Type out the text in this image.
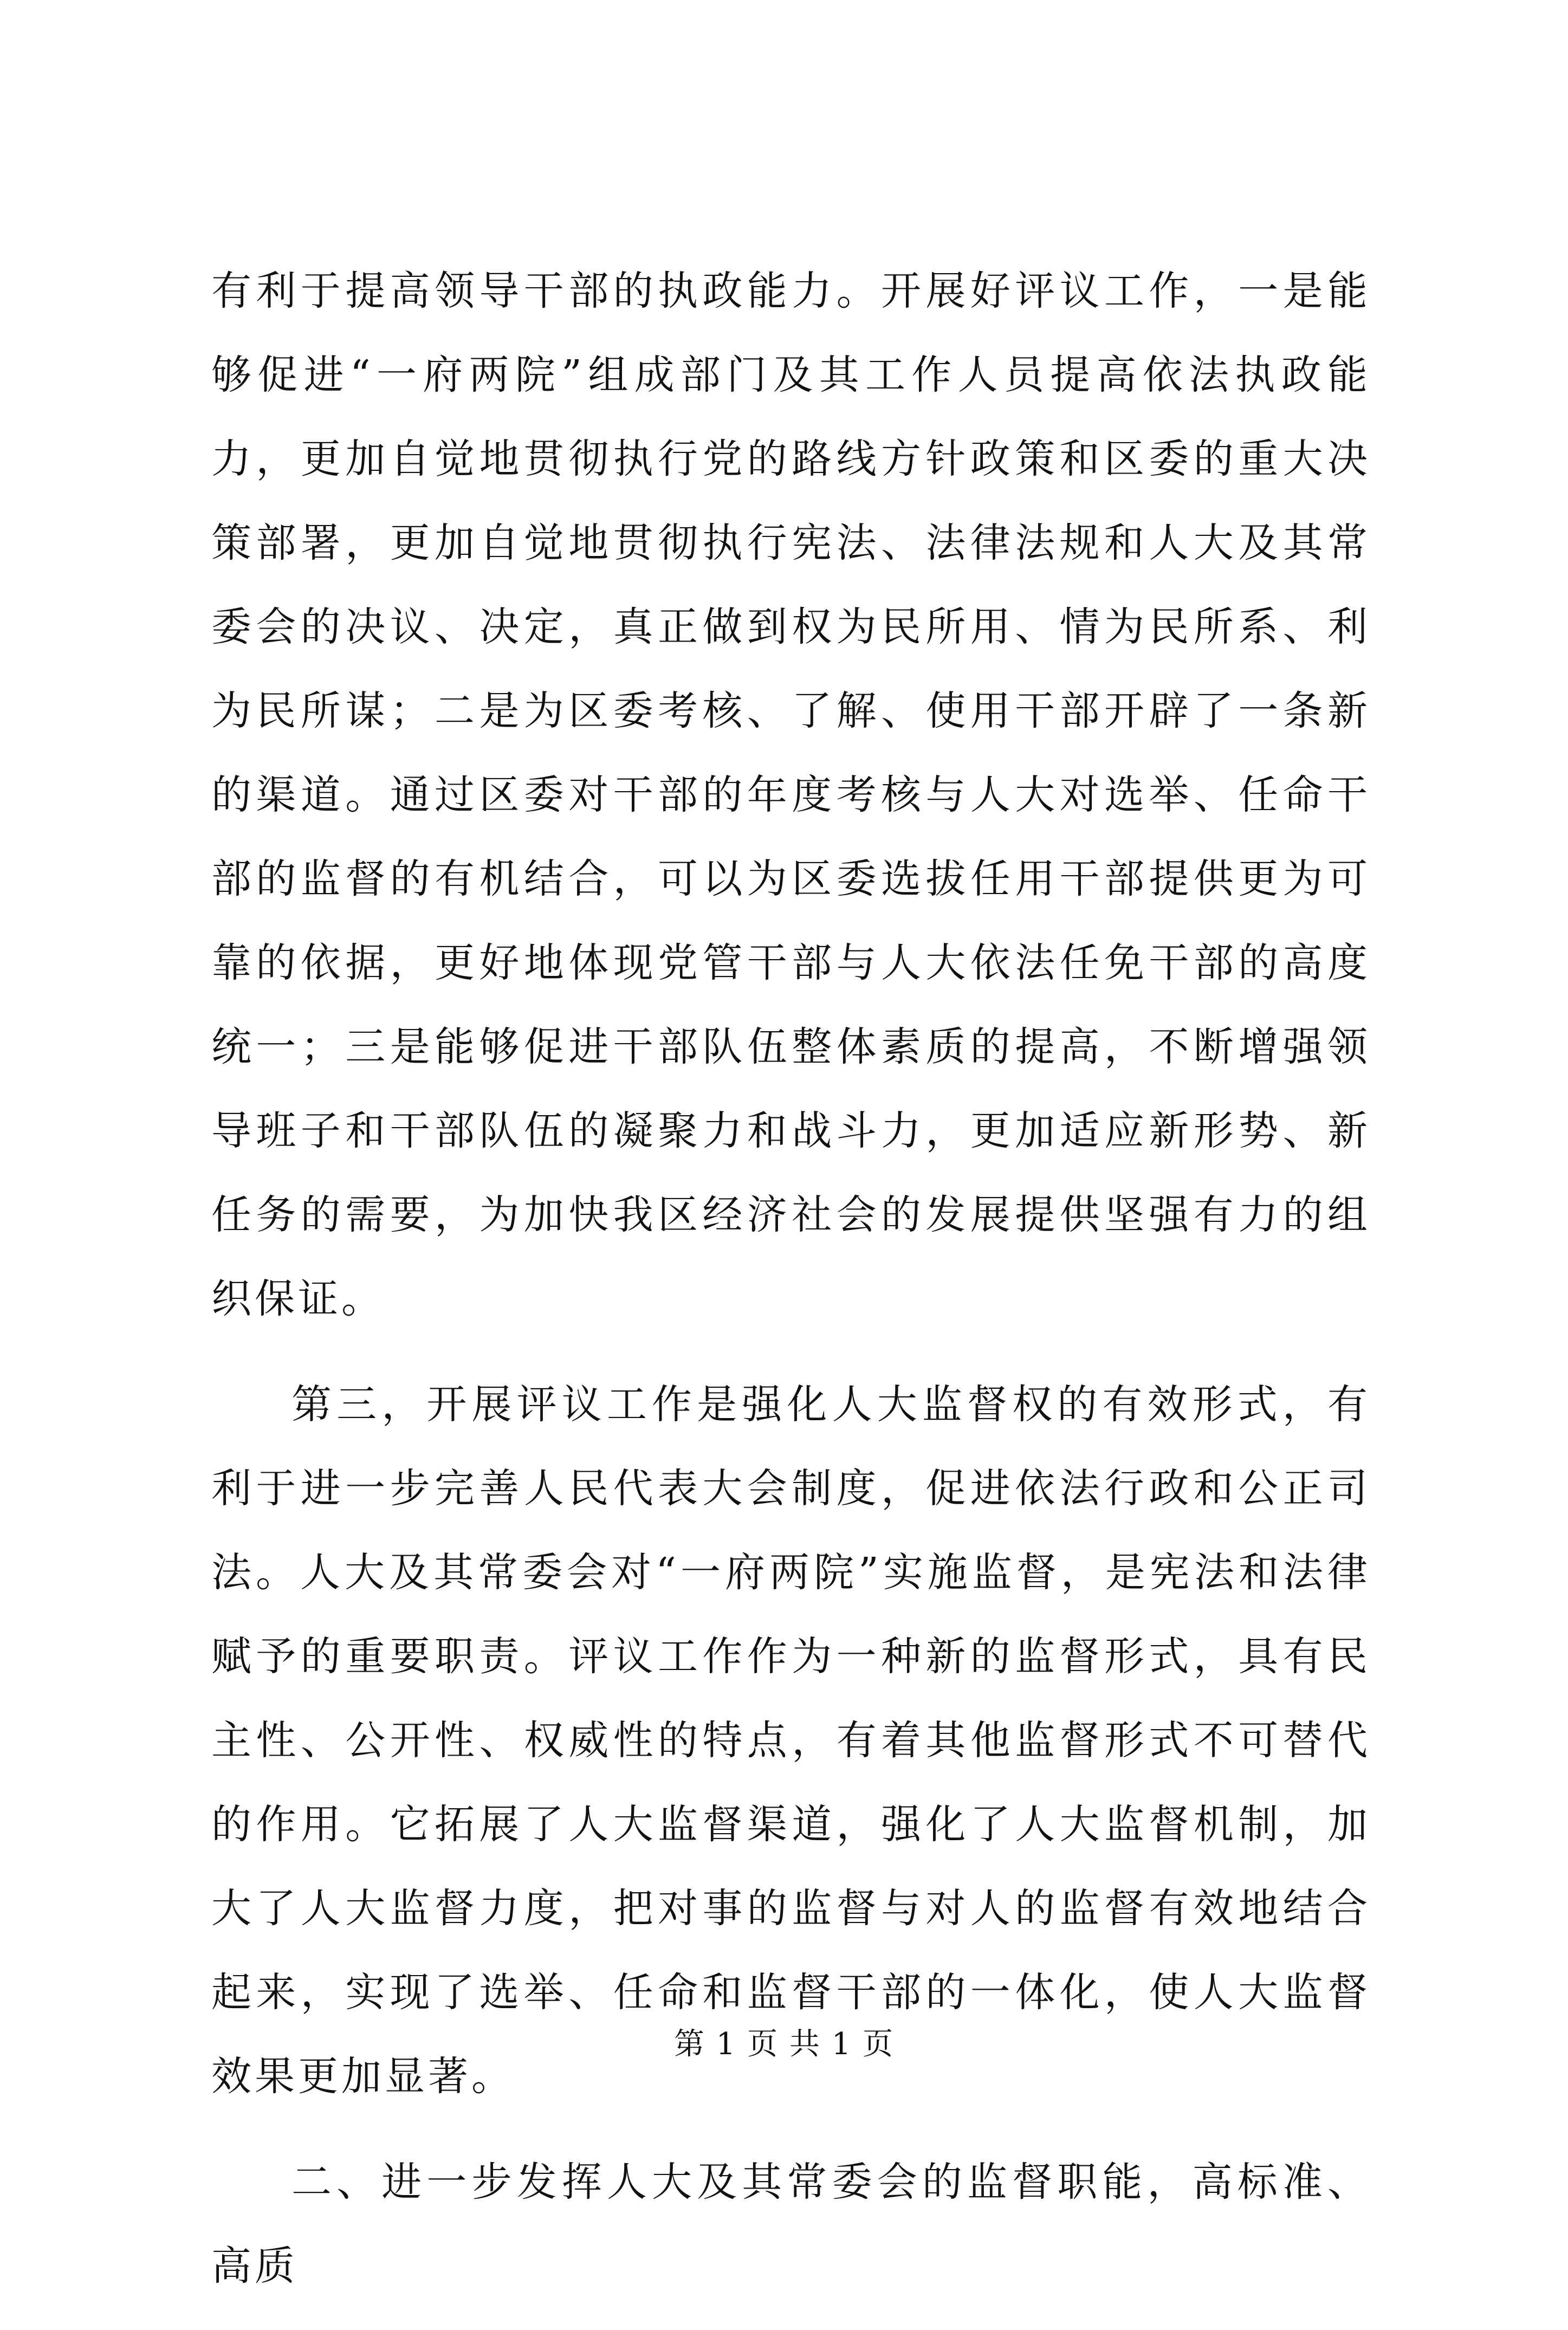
有利于提高领导干部的执政能力。开展好评议工作，一是能够促进“一府两院”组成部门及其工作人员提高依法执政能力，更加自觉地贯彻执行党的路线方针政策和区委的重大决策部署，更加自觉地贯彻执行宪法、法律法规和人大及其常委会的决议、决定，真正做到权为民所用、情为民所系、利为民所谋；二是为区委考核、了解、使用干部开辟了一条新的渠道。通过区委对干部的年度考核与人大对选举、任命干部的监督的有机结合，可以为区委选拔任用干部提供更为可靠的依据，更好地体现党管干部与人大依法任免干部的高度统一；三是能够促进干部队伍整体素质的提高，不断增强领导班子和干部队伍的凝聚力和战斗力，更加适应新形势、新任务的需要，为加快我区经济社会的发展提供坚强有力的组织保证。

第三，开展评议工作是强化人大监督权的有效形式，有利于进一步完善人民代表大会制度，促进依法行政和公正司法。人大及其常委会对“一府两院”实施监督，是宪法和法律赋予的重要职责。评议工作作为一种新的监督形式，具有民主性、公开性、权威性的特点，有着其他监督形式不可替代的作用。它拓展了人大监督渠道，强化了人大监督机制，加大了人大监督力度，把对事的监督与对人的监督有效地结合起来，实现了选举、任命和监督干部的一体化，使人大监督效果更加显著。

二、进一步发挥人大及其常委会的监督职能，高标准、高质

第 1 页 共 1 页
